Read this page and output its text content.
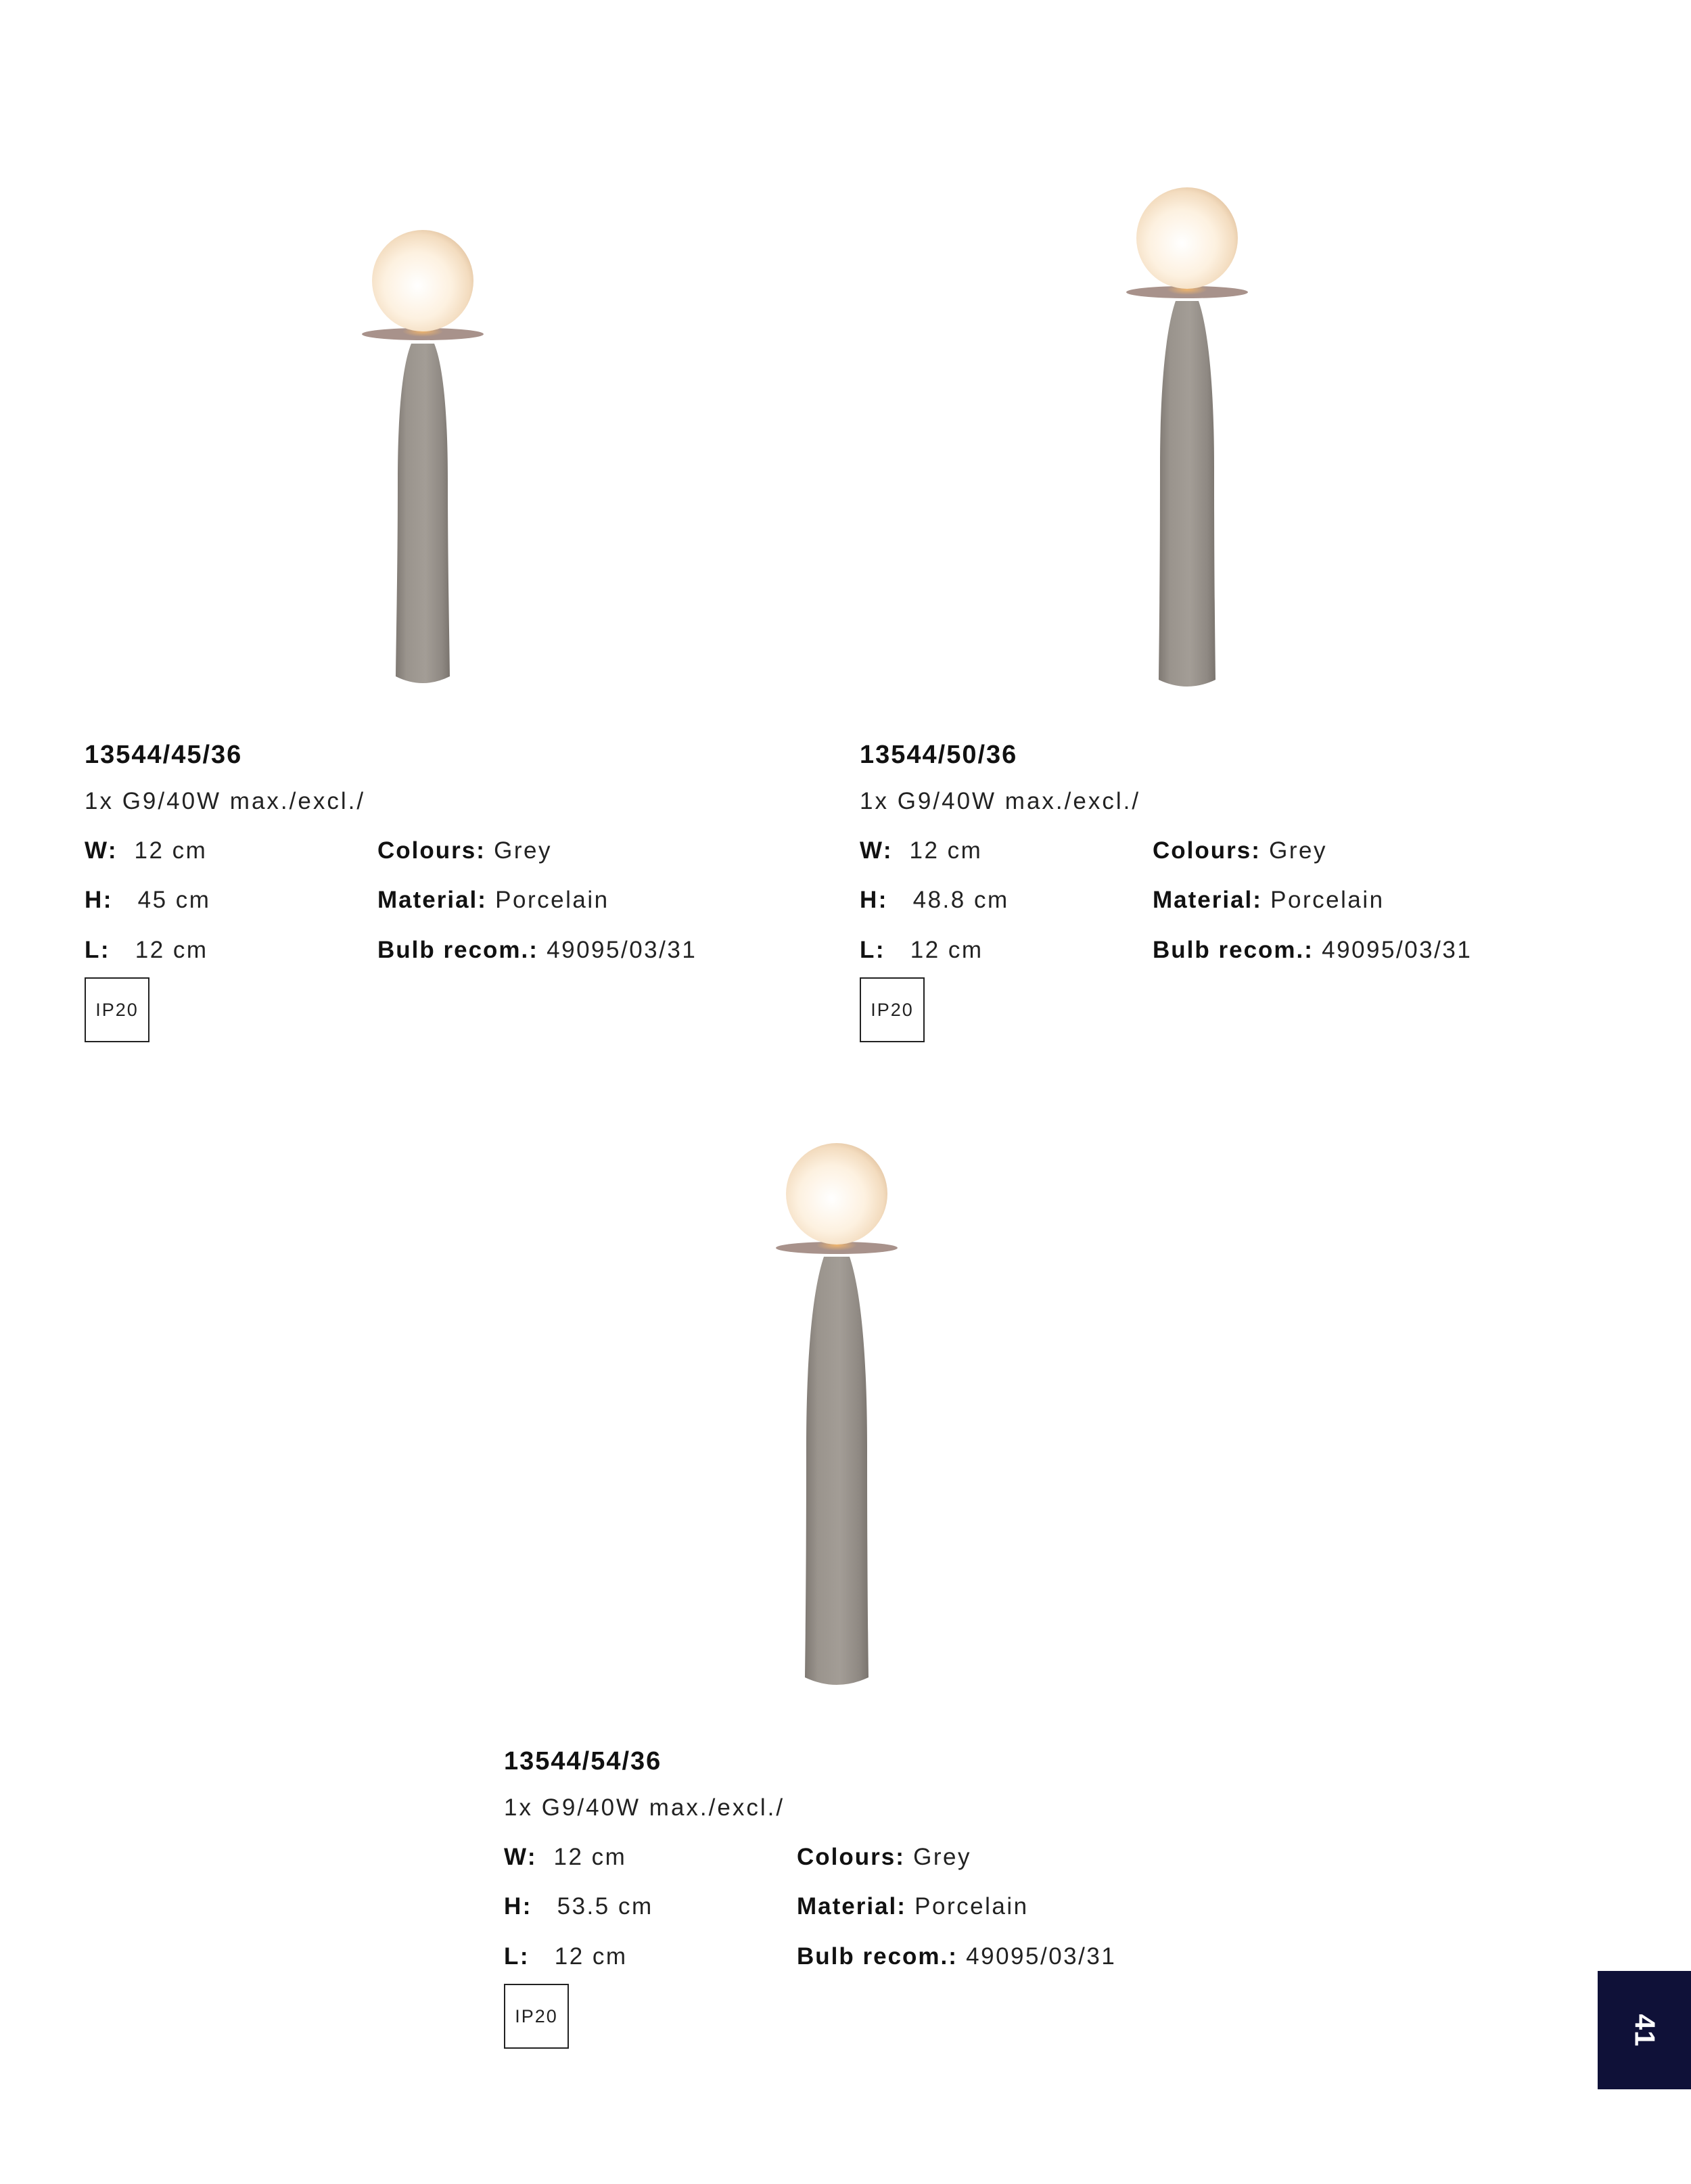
13544/45/36
1x G9/40W max./excl./
W: 12 cm
H: 45 cm
L: 12 cm
Colours: Grey
Material: Porcelain
Bulb recom.: 49095/03/31
IP20
13544/50/36
1x G9/40W max./excl./
W: 12 cm
H: 48.8 cm
L: 12 cm
Colours: Grey
Material: Porcelain
Bulb recom.: 49095/03/31
IP20
13544/54/36
1x G9/40W max./excl./
W: 12 cm
H: 53.5 cm
L: 12 cm
Colours: Grey
Material: Porcelain
Bulb recom.: 49095/03/31
IP20	41
